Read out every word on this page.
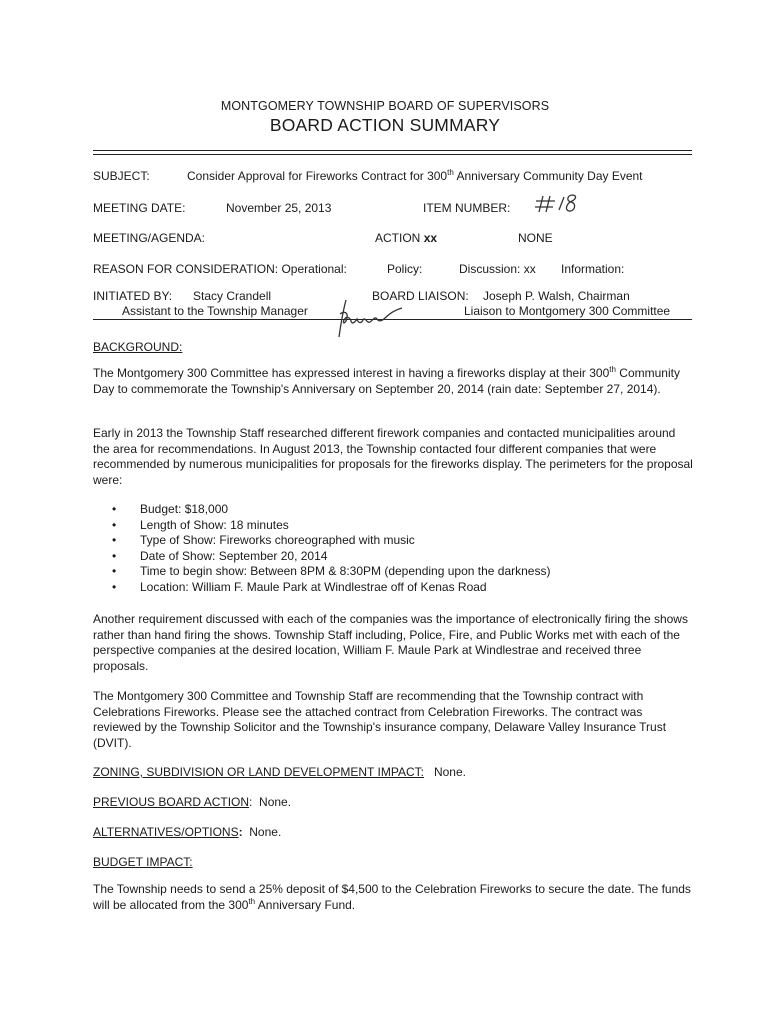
MONTGOMERY TOWNSHIP BOARD OF SUPERVISORS
BOARD ACTION SUMMARY
SUBJECT:	Consider Approval for Fireworks Contract for 300th Anniversary Community Day Event
MEETING DATE:	November 25, 2013	ITEM NUMBER:
MEETING/AGENDA:	ACTION xx	NONE
REASON FOR CONSIDERATION: Operational:	Policy:	Discussion: xx Information:
INITIATED BY: Stacy Crandell
Assistant to the Township Manager
BOARD LIAISON: Joseph P. Walsh, Chairman
Liaison to Montgomery 300 Committee
BACKGROUND:
The Montgomery 300 Committee has expressed interest in having a fireworks display at their 300th Community Day to commemorate the Township's Anniversary on September 20, 2014 (rain date: September 27, 2014).
Early in 2013 the Township Staff researched different firework companies and contacted municipalities around the area for recommendations. In August 2013, the Township contacted four different companies that were recommended by numerous municipalities for proposals for the fireworks display. The perimeters for the proposal were:
• Budget: $18,000
• Length of Show: 18 minutes
• Type of Show: Fireworks choreographed with music
• Date of Show: September 20, 2014
• Time to begin show: Between 8PM & 8:30PM (depending upon the darkness)
• Location: William F. Maule Park at Windlestrae off of Kenas Road
Another requirement discussed with each of the companies was the importance of electronically firing the shows rather than hand firing the shows. Township Staff including, Police, Fire, and Public Works met with each of the perspective companies at the desired location, William F. Maule Park at Windlestrae and received three proposals.
The Montgomery 300 Committee and Township Staff are recommending that the Township contract with Celebrations Fireworks. Please see the attached contract from Celebration Fireworks. The contract was reviewed by the Township Solicitor and the Township's insurance company, Delaware Valley Insurance Trust (DVIT).
ZONING, SUBDIVISION OR LAND DEVELOPMENT IMPACT: None.
PREVIOUS BOARD ACTION: None.
ALTERNATIVES/OPTIONS: None.
BUDGET IMPACT:
The Township needs to send a 25% deposit of $4,500 to the Celebration Fireworks to secure the date. The funds will be allocated from the 300th Anniversary Fund.
